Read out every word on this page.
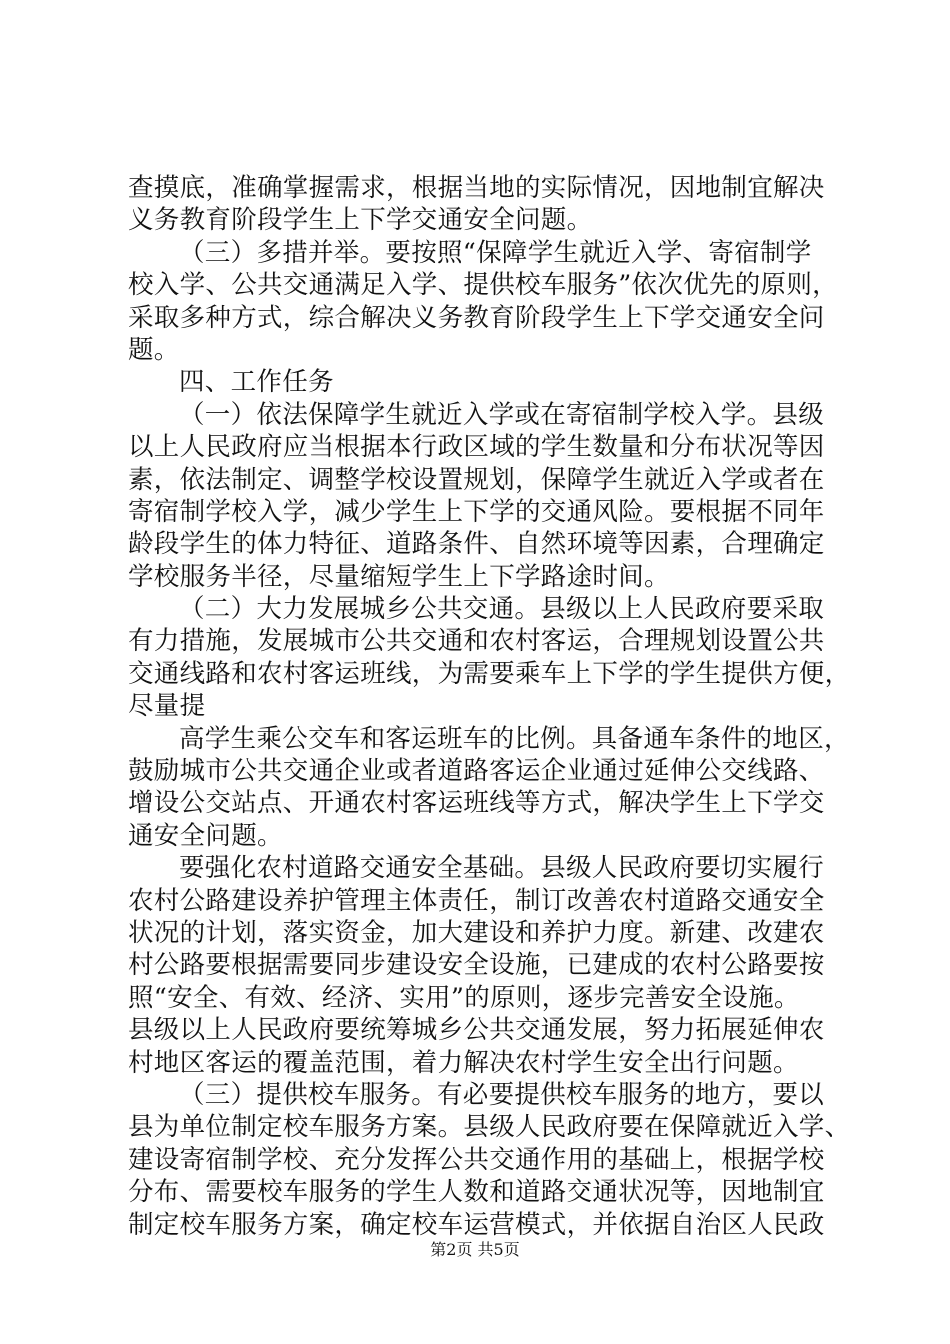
查摸底，准确掌握需求，根据当地的实际情况，因地制宜解决
义务教育阶段学生上下学交通安全问题。
（三）多措并举。要按照“保障学生就近入学、寄宿制学
校入学、公共交通满足入学、提供校车服务”依次优先的原则，
采取多种方式，综合解决义务教育阶段学生上下学交通安全问
题。
四、工作任务
（一）依法保障学生就近入学或在寄宿制学校入学。县级
以上人民政府应当根据本行政区域的学生数量和分布状况等因
素，依法制定、调整学校设置规划，保障学生就近入学或者在
寄宿制学校入学，减少学生上下学的交通风险。要根据不同年
龄段学生的体力特征、道路条件、自然环境等因素，合理确定
学校服务半径，尽量缩短学生上下学路途时间。
（二）大力发展城乡公共交通。县级以上人民政府要采取
有力措施，发展城市公共交通和农村客运，合理规划设置公共
交通线路和农村客运班线，为需要乘车上下学的学生提供方便，
尽量提
高学生乘公交车和客运班车的比例。具备通车条件的地区，
鼓励城市公共交通企业或者道路客运企业通过延伸公交线路、
增设公交站点、开通农村客运班线等方式，解决学生上下学交
通安全问题。
要强化农村道路交通安全基础。县级人民政府要切实履行
农村公路建设养护管理主体责任，制订改善农村道路交通安全
状况的计划，落实资金，加大建设和养护力度。新建、改建农
村公路要根据需要同步建设安全设施，已建成的农村公路要按
照“安全、有效、经济、实用”的原则，逐步完善安全设施。
县级以上人民政府要统筹城乡公共交通发展，努力拓展延伸农
村地区客运的覆盖范围，着力解决农村学生安全出行问题。
（三）提供校车服务。有必要提供校车服务的地方，要以
县为单位制定校车服务方案。县级人民政府要在保障就近入学、
建设寄宿制学校、充分发挥公共交通作用的基础上，根据学校
分布、需要校车服务的学生人数和道路交通状况等，因地制宜
制定校车服务方案，确定校车运营模式，并依据自治区人民政
第2页 共5页
